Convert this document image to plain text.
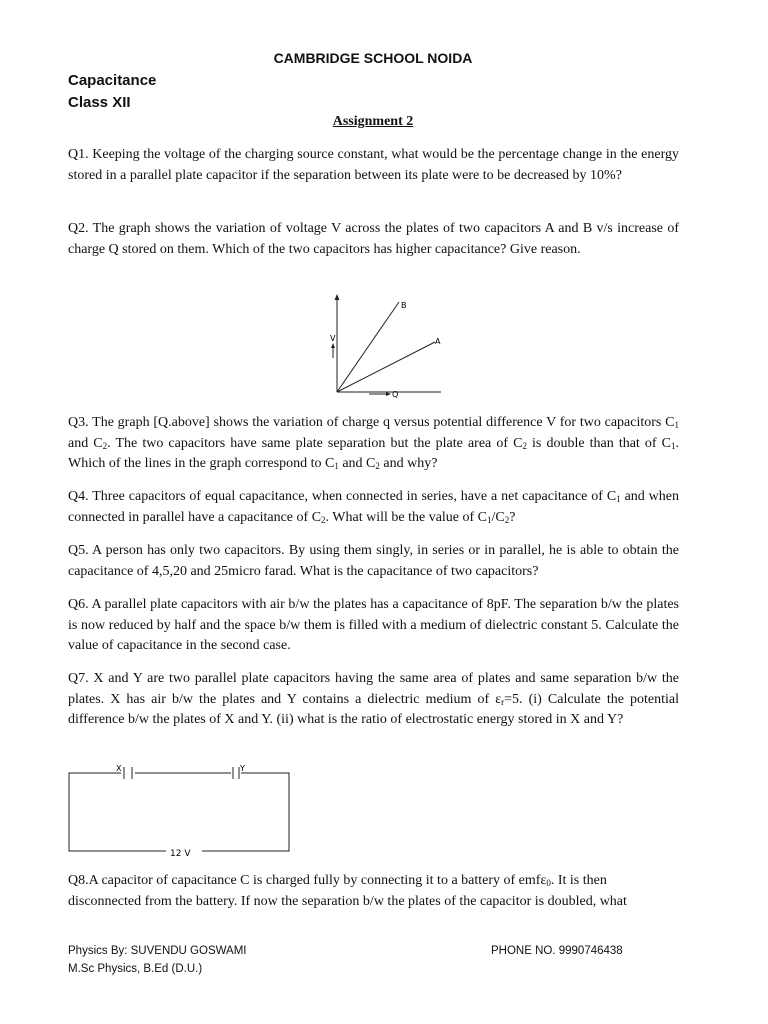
CAMBRIDGE SCHOOL NOIDA
Capacitance
Class XII
Assignment 2

Q1. Keeping the voltage of the charging source constant, what would be the percentage change in the energy stored in a parallel plate capacitor if the separation between its plate were to be decreased by 10%?

Q2. The graph shows the variation of voltage V across the plates of two capacitors A and B v/s increase of charge Q stored on them. Which of the two capacitors has higher capacitance? Give reason.

B
A
V
Q

Q3. The graph [Q.above] shows the variation of charge q versus potential difference V for two capacitors $C_1$ and $C_2$. The two capacitors have same plate separation but the plate area of $C_2$ is double than that of $C_1$. Which of the lines in the graph correspond to $C_1$ and $C_2$ and why?

Q4. Three capacitors of equal capacitance, when connected in series, have a net capacitance of $C_1$ and when connected in parallel have a capacitance of $C_2$. What will be the value of $C_1/C_2$?

Q5. A person has only two capacitors. By using them singly, in series or in parallel, he is able to obtain the capacitance of 4,5,20 and 25micro farad. What is the capacitance of two capacitors?

Q6. A parallel plate capacitors with air b/w the plates has a capacitance of 8pF. The separation b/w the plates is now reduced by half and the space b/w them is filled with a medium of dielectric constant 5. Calculate the value of capacitance in the second case.

Q7. X and Y are two parallel plate capacitors having the same area of plates and same separation b/w the plates. X has air b/w the plates and Y contains a dielectric medium of $\varepsilon_r=5$. (i) Calculate the potential difference b/w the plates of X and Y. (ii) what is the ratio of electrostatic energy stored in X and Y?

X	Y
12 V

Q8.A capacitor of capacitance C is charged fully by connecting it to a battery of emfε$_0$. It is then disconnected from the battery. If now the separation b/w the plates of the capacitor is doubled, what

Physics By: SUVENDU GOSWAMI
M.Sc Physics, B.Ed (D.U.)
PHONE NO. 9990746438
